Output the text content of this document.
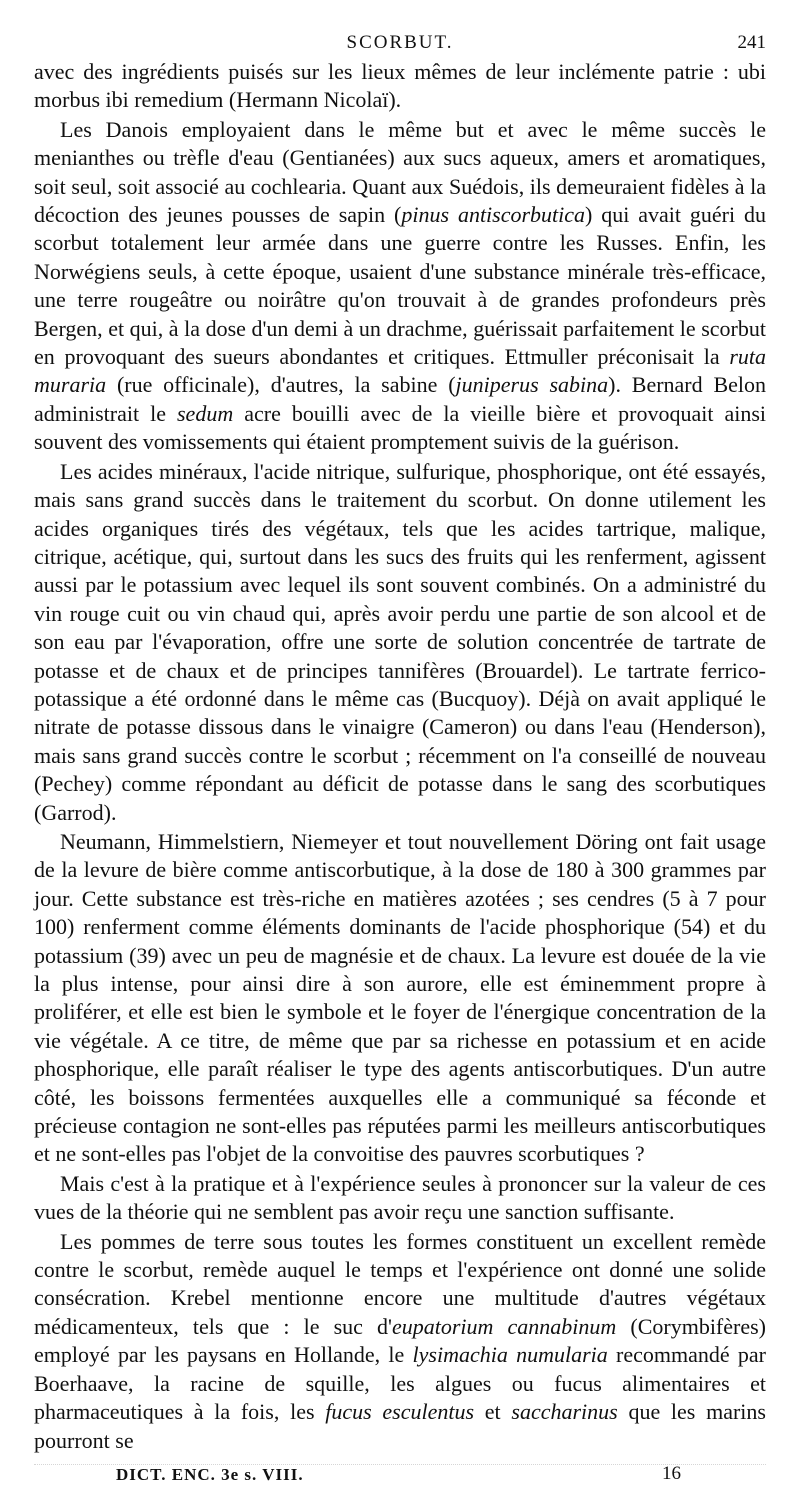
SCORBUT.	241

avec des ingrédients puisés sur les lieux mêmes de leur inclémente patrie : ubi morbus ibi remedium (Hermann Nicolaï).

Les Danois employaient dans le même but et avec le même succès le menianthes ou trèfle d'eau (Gentianées) aux sucs aqueux, amers et aromatiques, soit seul, soit associé au cochlearia. Quant aux Suédois, ils demeuraient fidèles à la décoction des jeunes pousses de sapin (pinus antiscorbutica) qui avait guéri du scorbut totalement leur armée dans une guerre contre les Russes. Enfin, les Norwégiens seuls, à cette époque, usaient d'une substance minérale très-efficace, une terre rougeâtre ou noirâtre qu'on trouvait à de grandes profondeurs près Bergen, et qui, à la dose d'un demi à un drachme, guérissait parfaitement le scorbut en provoquant des sueurs abondantes et critiques. Ettmuller préconisait la ruta muraria (rue officinale), d'autres, la sabine (juniperus sabina). Bernard Belon administrait le sedum acre bouilli avec de la vieille bière et provoquait ainsi souvent des vomissements qui étaient promptement suivis de la guérison.

Les acides minéraux, l'acide nitrique, sulfurique, phosphorique, ont été essayés, mais sans grand succès dans le traitement du scorbut. On donne utilement les acides organiques tirés des végétaux, tels que les acides tartrique, malique, citrique, acétique, qui, surtout dans les sucs des fruits qui les renferment, agissent aussi par le potassium avec lequel ils sont souvent combinés. On a administré du vin rouge cuit ou vin chaud qui, après avoir perdu une partie de son alcool et de son eau par l'évaporation, offre une sorte de solution concentrée de tartrate de potasse et de chaux et de principes tannifères (Brouardel). Le tartrate ferrico-potassique a été ordonné dans le même cas (Bucquoy). Déjà on avait appliqué le nitrate de potasse dissous dans le vinaigre (Cameron) ou dans l'eau (Henderson), mais sans grand succès contre le scorbut ; récemment on l'a conseillé de nouveau (Pechey) comme répondant au déficit de potasse dans le sang des scorbutiques (Garrod).

Neumann, Himmelstiern, Niemeyer et tout nouvellement Döring ont fait usage de la levure de bière comme antiscorbutique, à la dose de 180 à 300 grammes par jour. Cette substance est très-riche en matières azotées ; ses cendres (5 à 7 pour 100) renferment comme éléments dominants de l'acide phosphorique (54) et du potassium (39) avec un peu de magnésie et de chaux. La levure est douée de la vie la plus intense, pour ainsi dire à son aurore, elle est éminemment propre à proliférer, et elle est bien le symbole et le foyer de l'énergique concentration de la vie végétale. A ce titre, de même que par sa richesse en potassium et en acide phosphorique, elle paraît réaliser le type des agents antiscorbutiques. D'un autre côté, les boissons fermentées auxquelles elle a communiqué sa féconde et précieuse contagion ne sont-elles pas réputées parmi les meilleurs antiscorbutiques et ne sont-elles pas l'objet de la convoitise des pauvres scorbutiques ?

Mais c'est à la pratique et à l'expérience seules à prononcer sur la valeur de ces vues de la théorie qui ne semblent pas avoir reçu une sanction suffisante.

Les pommes de terre sous toutes les formes constituent un excellent remède contre le scorbut, remède auquel le temps et l'expérience ont donné une solide consécration. Krebel mentionne encore une multitude d'autres végétaux médicamenteux, tels que : le suc d'eupatorium cannabinum (Corymbifères) employé par les paysans en Hollande, le lysimachia numularia recommandé par Boerhaave, la racine de squille, les algues ou fucus alimentaires et pharmaceutiques à la fois, les fucus esculentus et saccharinus que les marins pourront se

DICT. ENC. 3e s. VIII.	16
